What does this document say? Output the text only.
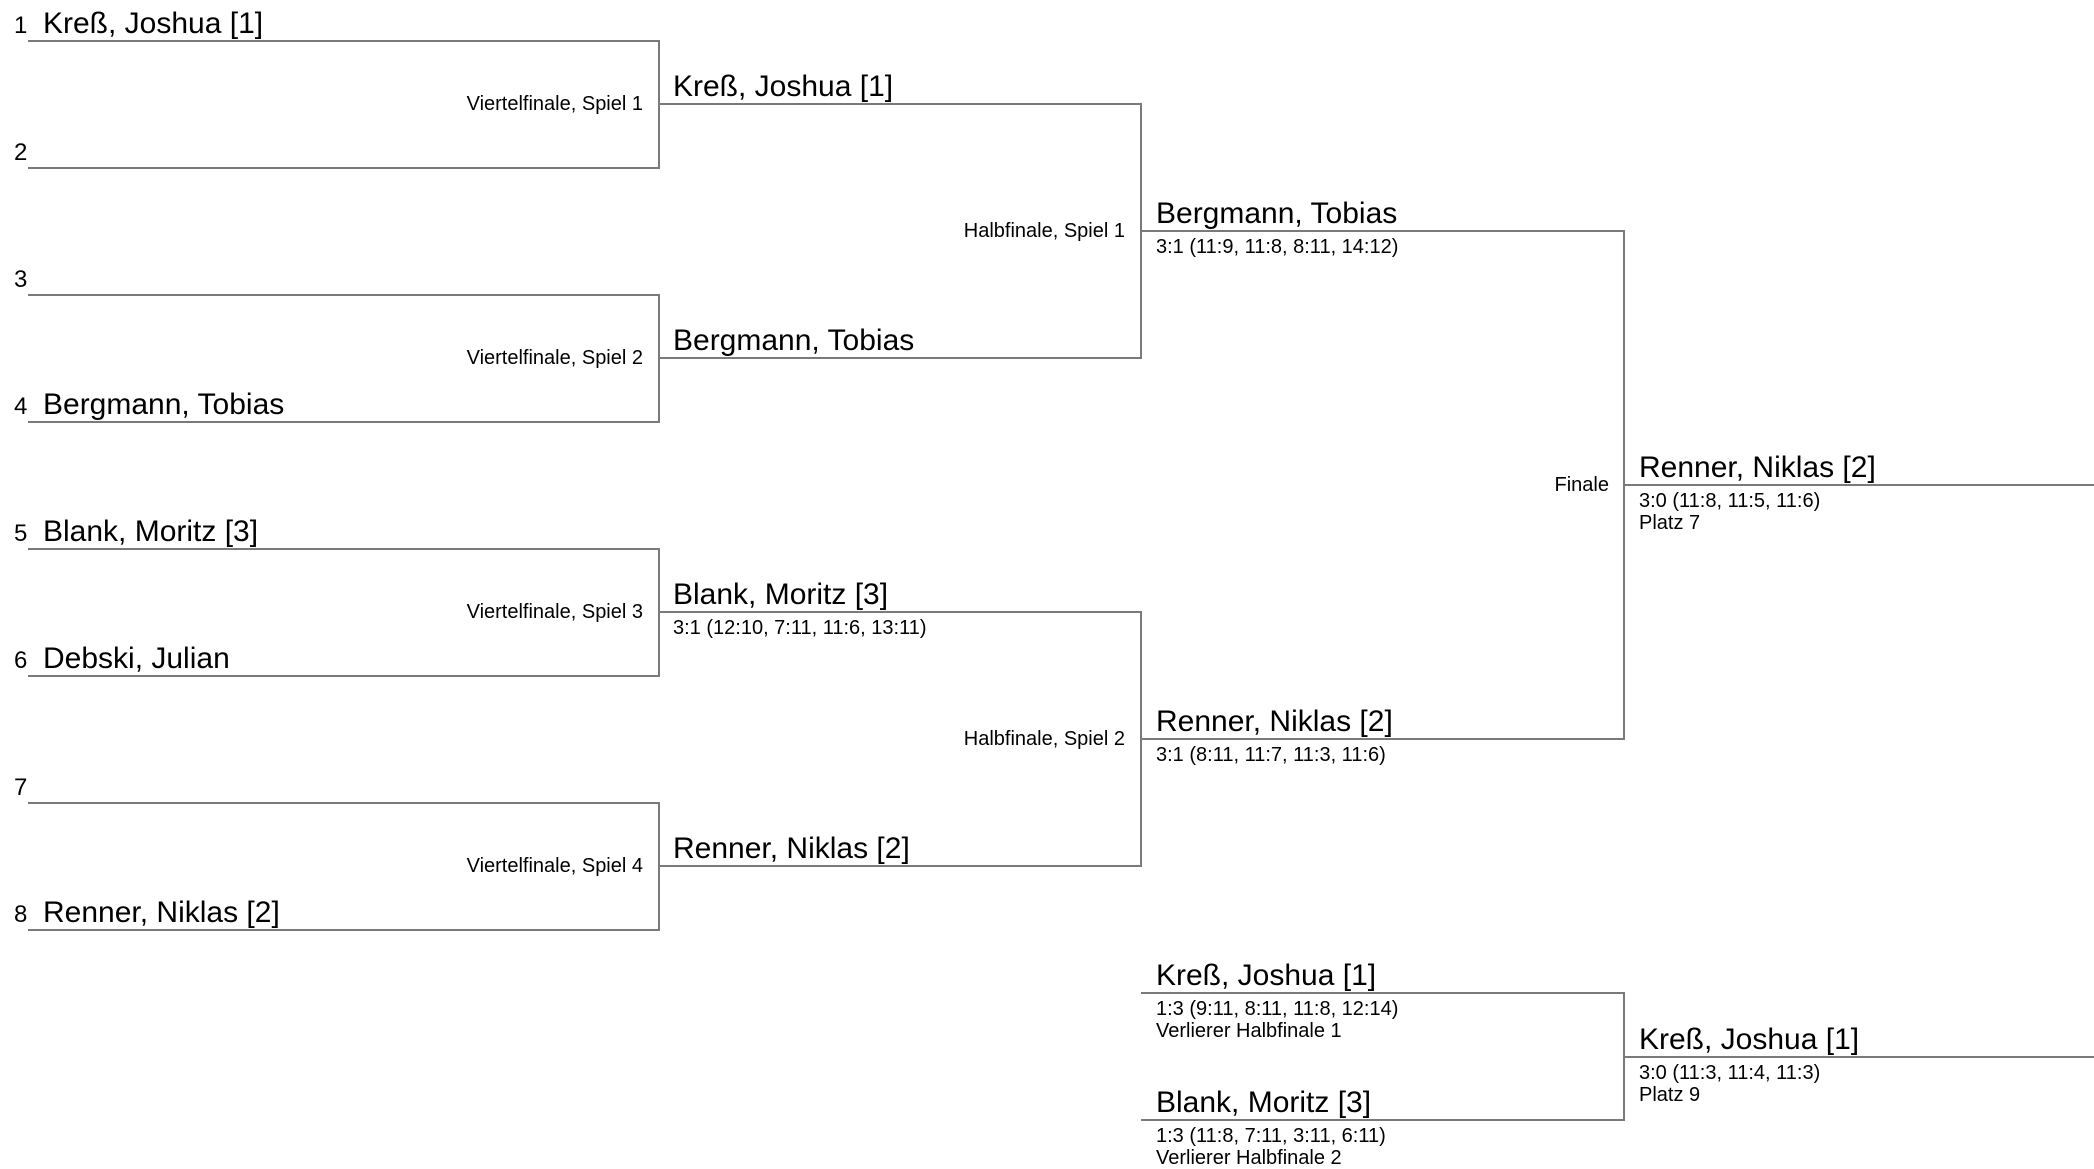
1
2
3
4
5
6
7
8
Kreß, Joshua [1]
Bergmann, Tobias
Blank, Moritz [3]
Debski, Julian
Renner, Niklas [2]
Viertelfinale, Spiel 1
Viertelfinale, Spiel 2
Viertelfinale, Spiel 3
Viertelfinale, Spiel 4
Kreß, Joshua [1]
Bergmann, Tobias
Blank, Moritz [3]
3:1 (12:10, 7:11, 11:6, 13:11)
Renner, Niklas [2]
Halbfinale, Spiel 1
Halbfinale, Spiel 2
Bergmann, Tobias
3:1 (11:9, 11:8, 8:11, 14:12)
Renner, Niklas [2]
3:1 (8:11, 11:7, 11:3, 11:6)
Finale
Renner, Niklas [2]
3:0 (11:8, 11:5, 11:6)
Platz 7
Kreß, Joshua [1]
1:3 (9:11, 8:11, 11:8, 12:14)
Verlierer Halbfinale 1
Blank, Moritz [3]
1:3 (11:8, 7:11, 3:11, 6:11)
Verlierer Halbfinale 2
Kreß, Joshua [1]
3:0 (11:3, 11:4, 11:3)
Platz 9
